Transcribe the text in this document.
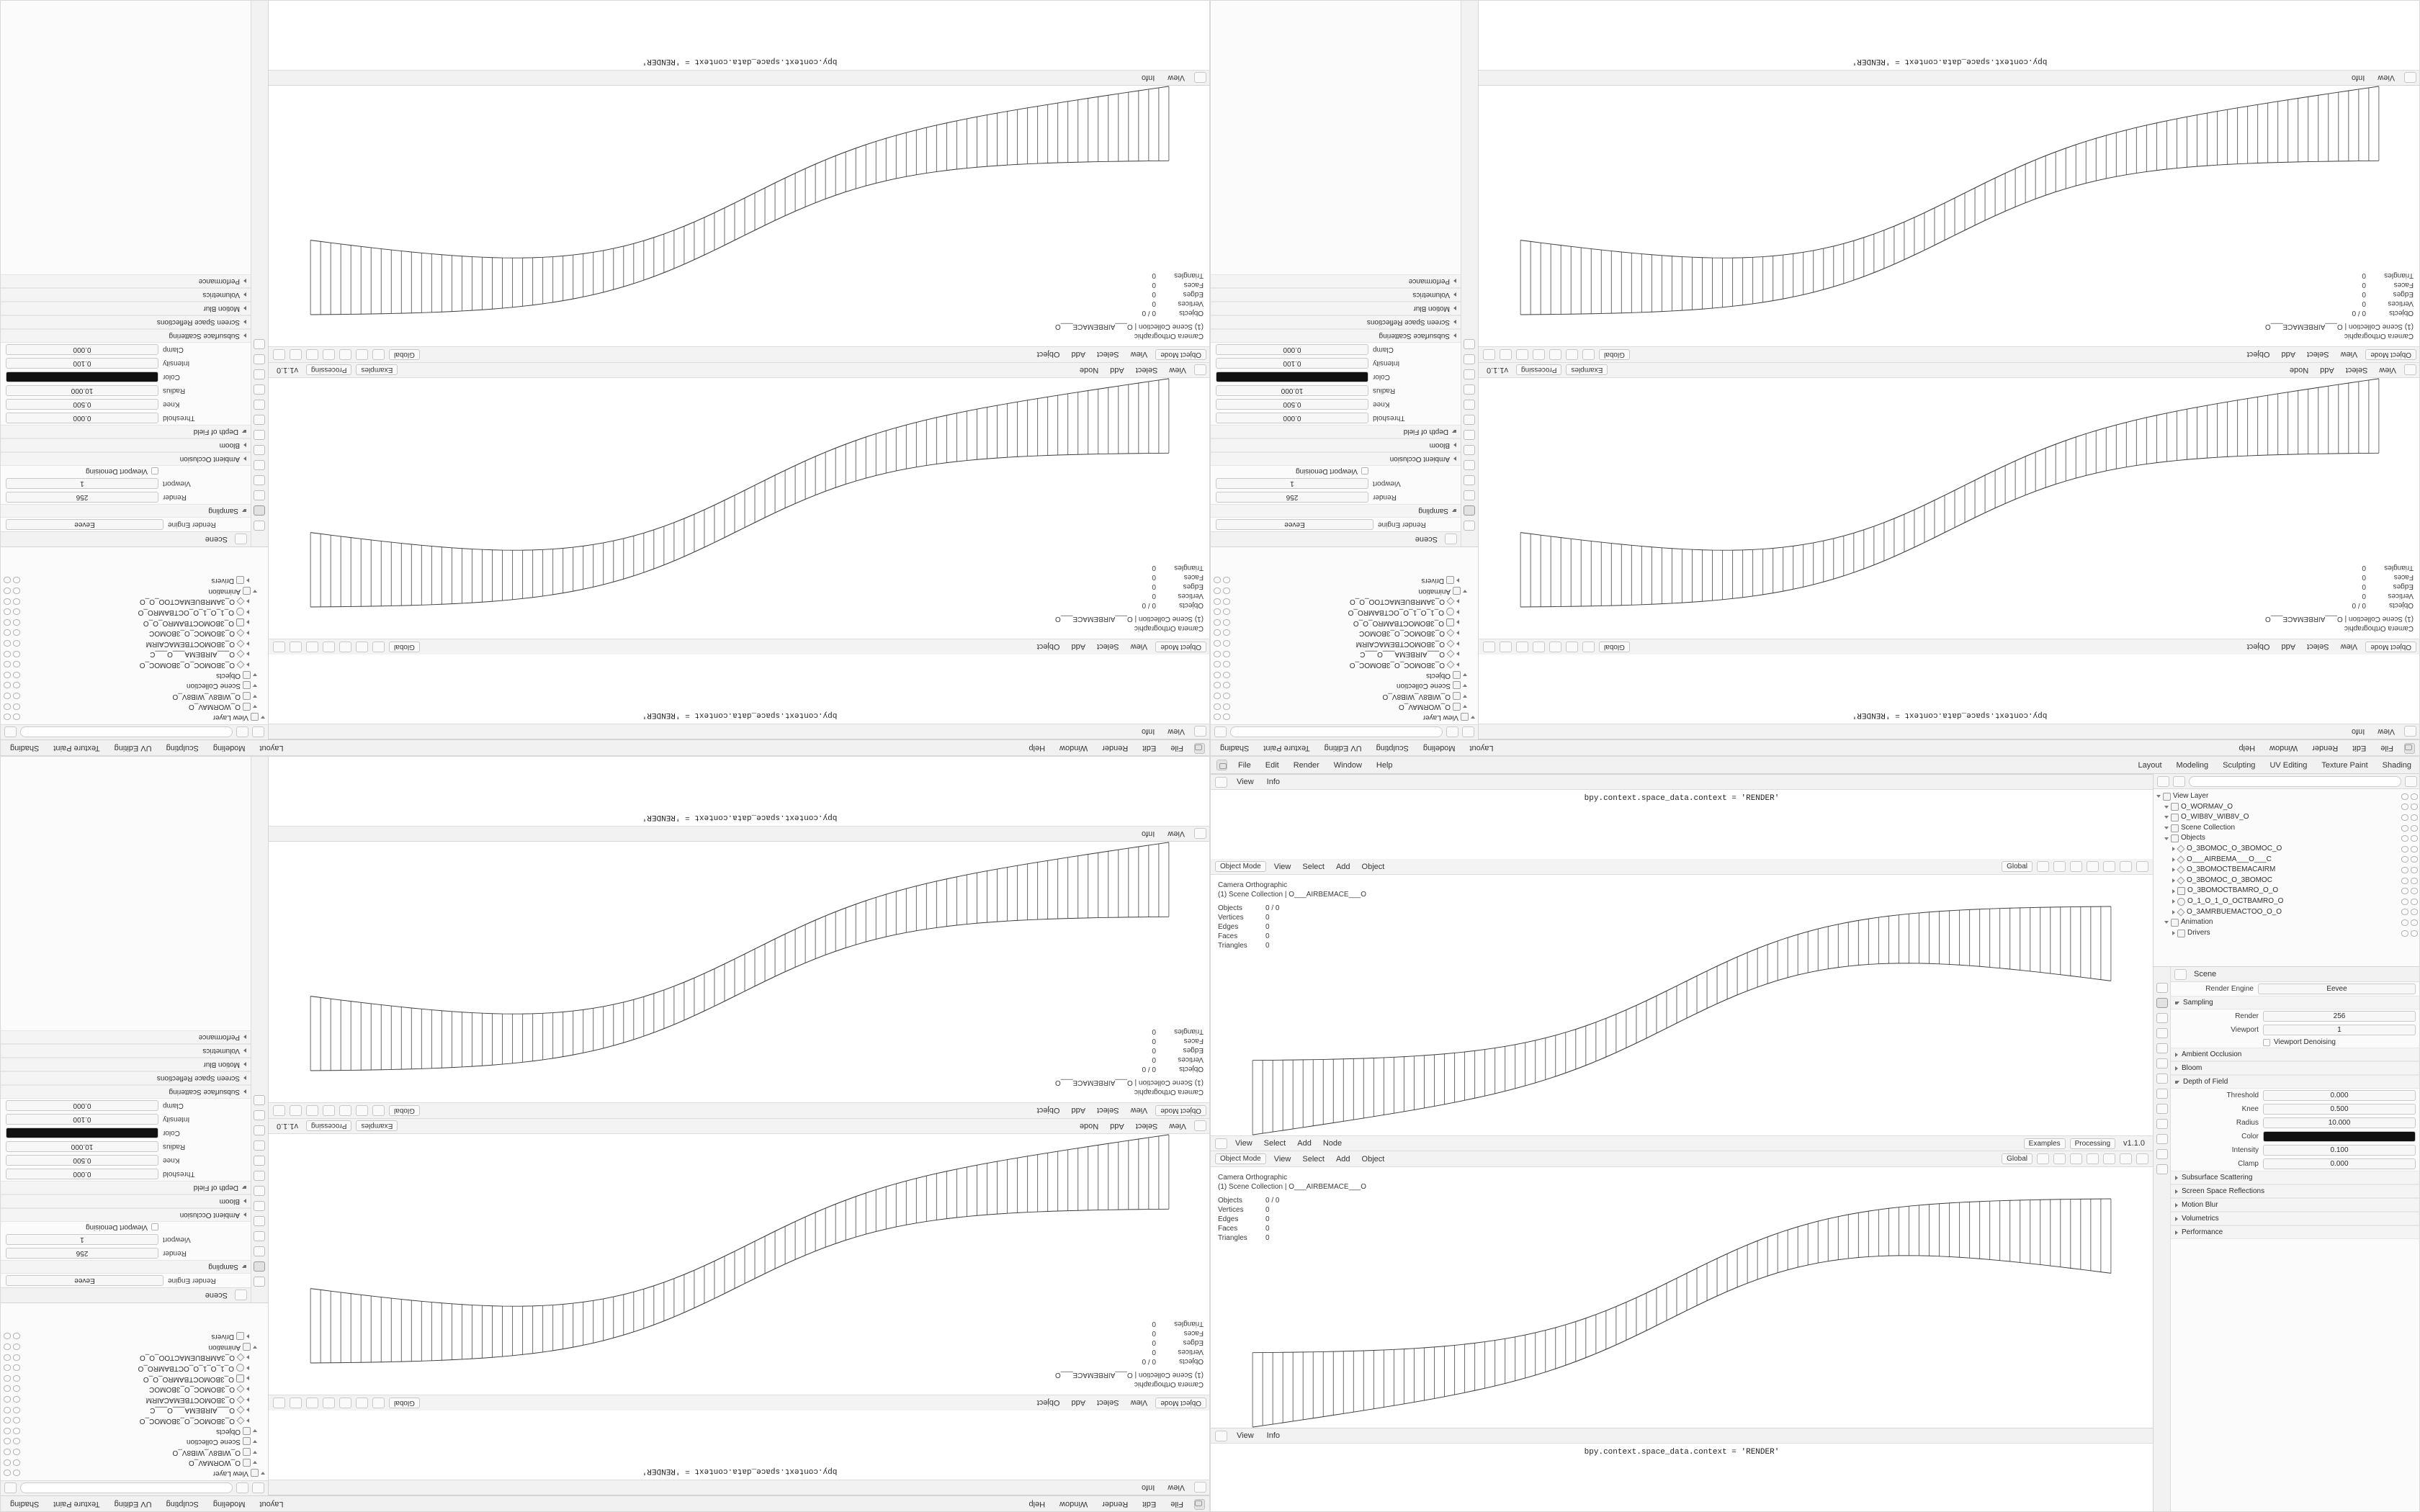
File
Edit
Render
Window
Help
Layout
Modeling
Sculpting
UV Editing
Texture Paint
Shading
View
Info
bpy.context.space_data.context = 'RENDER'
Object Mode
View
Select
Add
Object
Global
Camera Orthographic
(1) Scene Collection | O___AIRBEMACE___O
Objects
0 / 0
Vertices
0
Edges
0
Faces
0
Triangles
0
View
Select
Add
Node
Examples
Processing
v1.1.0
Object Mode
View
Select
Add
Object
Global
Camera Orthographic
(1) Scene Collection | O___AIRBEMACE___O
Objects
0 / 0
Vertices
0
Edges
0
Faces
0
Triangles
0
View
Info
bpy.context.space_data.context = 'RENDER'
View Layer
O_WORMAV_O
O_WIB8V_WIB8V_O
Scene Collection
Objects
O_3BOMOC_O_3BOMOC_O
O___AIRBEMA___O___C
O_3BOMOCTBEMACAIRM
O_3BOMOC_O_3BOMOC
O_3BOMOCTBAMRO_O_O
O_1_O_1_O_OCTBAMRO_O
O_3AMRBUEMACTOO_O_O
Animation
Drivers
Scene
Render Engine
Eevee
Sampling
Render
256
Viewport
1
Viewport Denoising
Ambient Occlusion
Bloom
Depth of Field
Threshold
0.000
Knee
0.500
Radius
10.000
Color
Intensity
0.100
Clamp
0.000
Subsurface Scattering
Screen Space Reflections
Motion Blur
Volumetrics
Performance
File
Edit
Render
Window
Help
Layout
Modeling
Sculpting
UV Editing
Texture Paint
Shading
View
Info
bpy.context.space_data.context = 'RENDER'
Object Mode
View
Select
Add
Object
Global
Camera Orthographic
(1) Scene Collection | O___AIRBEMACE___O
Objects
0 / 0
Vertices
0
Edges
0
Faces
0
Triangles
0
View
Select
Add
Node
Examples
Processing
v1.1.0
Object Mode
View
Select
Add
Object
Global
Camera Orthographic
(1) Scene Collection | O___AIRBEMACE___O
Objects
0 / 0
Vertices
0
Edges
0
Faces
0
Triangles
0
View
Info
bpy.context.space_data.context = 'RENDER'
View Layer
O_WORMAV_O
O_WIB8V_WIB8V_O
Scene Collection
Objects
O_3BOMOC_O_3BOMOC_O
O___AIRBEMA___O___C
O_3BOMOCTBEMACAIRM
O_3BOMOC_O_3BOMOC
O_3BOMOCTBAMRO_O_O
O_1_O_1_O_OCTBAMRO_O
O_3AMRBUEMACTOO_O_O
Animation
Drivers
Scene
Render Engine
Eevee
Sampling
Render
256
Viewport
1
Viewport Denoising
Ambient Occlusion
Bloom
Depth of Field
Threshold
0.000
Knee
0.500
Radius
10.000
Color
Intensity
0.100
Clamp
0.000
Subsurface Scattering
Screen Space Reflections
Motion Blur
Volumetrics
Performance
File
Edit
Render
Window
Help
Layout
Modeling
Sculpting
UV Editing
Texture Paint
Shading
View
Info
bpy.context.space_data.context = 'RENDER'
Object Mode
View
Select
Add
Object
Global
Camera Orthographic
(1) Scene Collection | O___AIRBEMACE___O
Objects
0 / 0
Vertices
0
Edges
0
Faces
0
Triangles
0
View
Select
Add
Node
Examples
Processing
v1.1.0
Object Mode
View
Select
Add
Object
Global
Camera Orthographic
(1) Scene Collection | O___AIRBEMACE___O
Objects
0 / 0
Vertices
0
Edges
0
Faces
0
Triangles
0
View
Info
bpy.context.space_data.context = 'RENDER'
View Layer
O_WORMAV_O
O_WIB8V_WIB8V_O
Scene Collection
Objects
O_3BOMOC_O_3BOMOC_O
O___AIRBEMA___O___C
O_3BOMOCTBEMACAIRM
O_3BOMOC_O_3BOMOC
O_3BOMOCTBAMRO_O_O
O_1_O_1_O_OCTBAMRO_O
O_3AMRBUEMACTOO_O_O
Animation
Drivers
Scene
Render Engine
Eevee
Sampling
Render
256
Viewport
1
Viewport Denoising
Ambient Occlusion
Bloom
Depth of Field
Threshold
0.000
Knee
0.500
Radius
10.000
Color
Intensity
0.100
Clamp
0.000
Subsurface Scattering
Screen Space Reflections
Motion Blur
Volumetrics
Performance
File	Edit	Render	Window	Help	Layout	Modeling	Sculpting	UV Editing	Texture Paint	Shading
View	Info
bpy.context.space_data.context = 'RENDER'
Object Mode	View	Select	Add	Object	Global
Camera Orthographic
(1) Scene Collection | O___AIRBEMACE___O
Objects	0 / 0
Vertices	0
Edges	0
Faces	0
Triangles	0
View	Select	Add	Node	Examples	Processing	v1.1.0
Object Mode	View	Select	Add	Object	Global
Camera Orthographic
(1) Scene Collection | O___AIRBEMACE___O
Objects	0 / 0
Vertices	0
Edges	0
Faces	0
Triangles	0
View	Info
bpy.context.space_data.context = 'RENDER'
View Layer
O_WORMAV_O
O_WIB8V_WIB8V_O
Scene Collection
Objects
O_3BOMOC_O_3BOMOC_O
O___AIRBEMA___O___C
O_3BOMOCTBEMACAIRM
O_3BOMOC_O_3BOMOC
O_3BOMOCTBAMRO_O_O
O_1_O_1_O_OCTBAMRO_O
O_3AMRBUEMACTOO_O_O
Animation
Drivers
Scene
Render Engine	Eevee
Sampling
Render	256
Viewport	1
Viewport Denoising
Ambient Occlusion
Bloom
Depth of Field
Threshold	0.000
Knee	0.500
Radius	10.000
Color
Intensity	0.100
Clamp	0.000
Subsurface Scattering
Screen Space Reflections
Motion Blur
Volumetrics
Performance
